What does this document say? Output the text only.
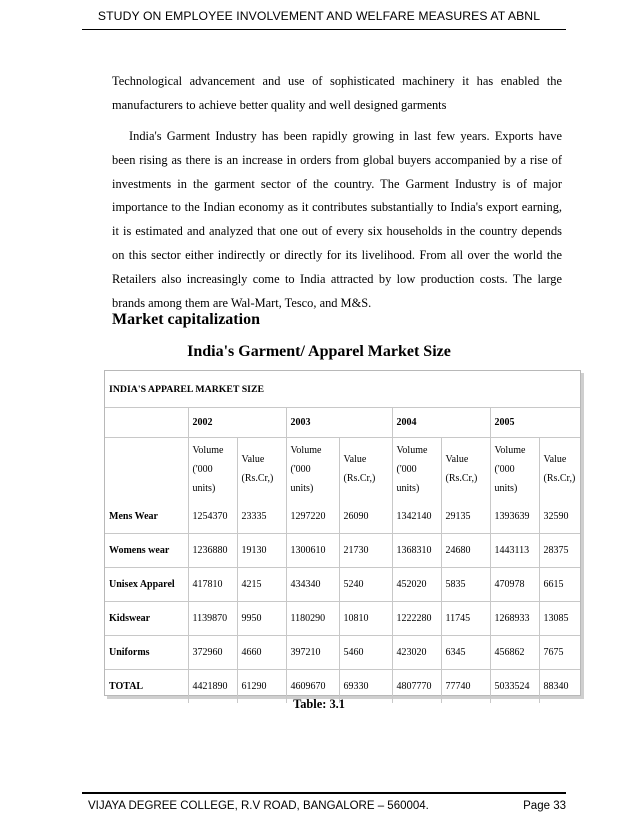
STUDY ON EMPLOYEE INVOLVEMENT AND WELFARE MEASURES AT ABNL

Technological advancement and use of sophisticated machinery it has enabled the manufacturers to achieve better quality and well designed garments

India's Garment Industry has been rapidly growing in last few years. Exports have been rising as there is an increase in orders from global buyers accompanied by a rise of investments in the garment sector of the country. The Garment Industry is of major importance to the Indian economy as it contributes substantially to India's export earning, it is estimated and analyzed that one out of every six households in the country depends on this sector either indirectly or directly for its livelihood. From all over the world the Retailers also increasingly come to India attracted by low production costs. The large brands among them are Wal-Mart, Tesco, and M&S.

Market capitalization
India's Garment/ Apparel Market Size
INDIA'S APPAREL MARKET SIZE								
	2002		2003		2004		2005	
	Volume ('000 units)	Value (Rs.Cr,)	Volume ('000 units)	Value (Rs.Cr,)	Volume ('000 units)	Value (Rs.Cr,)	Volume ('000 units)	Value (Rs.Cr,)
Mens Wear	1254370	23335	1297220	26090	1342140	29135	1393639	32590
Womens wear	1236880	19130	1300610	21730	1368310	24680	1443113	28375
Unisex Apparel	417810	4215	434340	5240	452020	5835	470978	6615
Kidswear	1139870	9950	1180290	10810	1222280	11745	1268933	13085
Uniforms	372960	4660	397210	5460	423020	6345	456862	7675
TOTAL	4421890	61290	4609670	69330	4807770	77740	5033524	88340
Table: 3.1
VIJAYA DEGREE COLLEGE, R.V ROAD, BANGALORE – 560004.	Page 33
